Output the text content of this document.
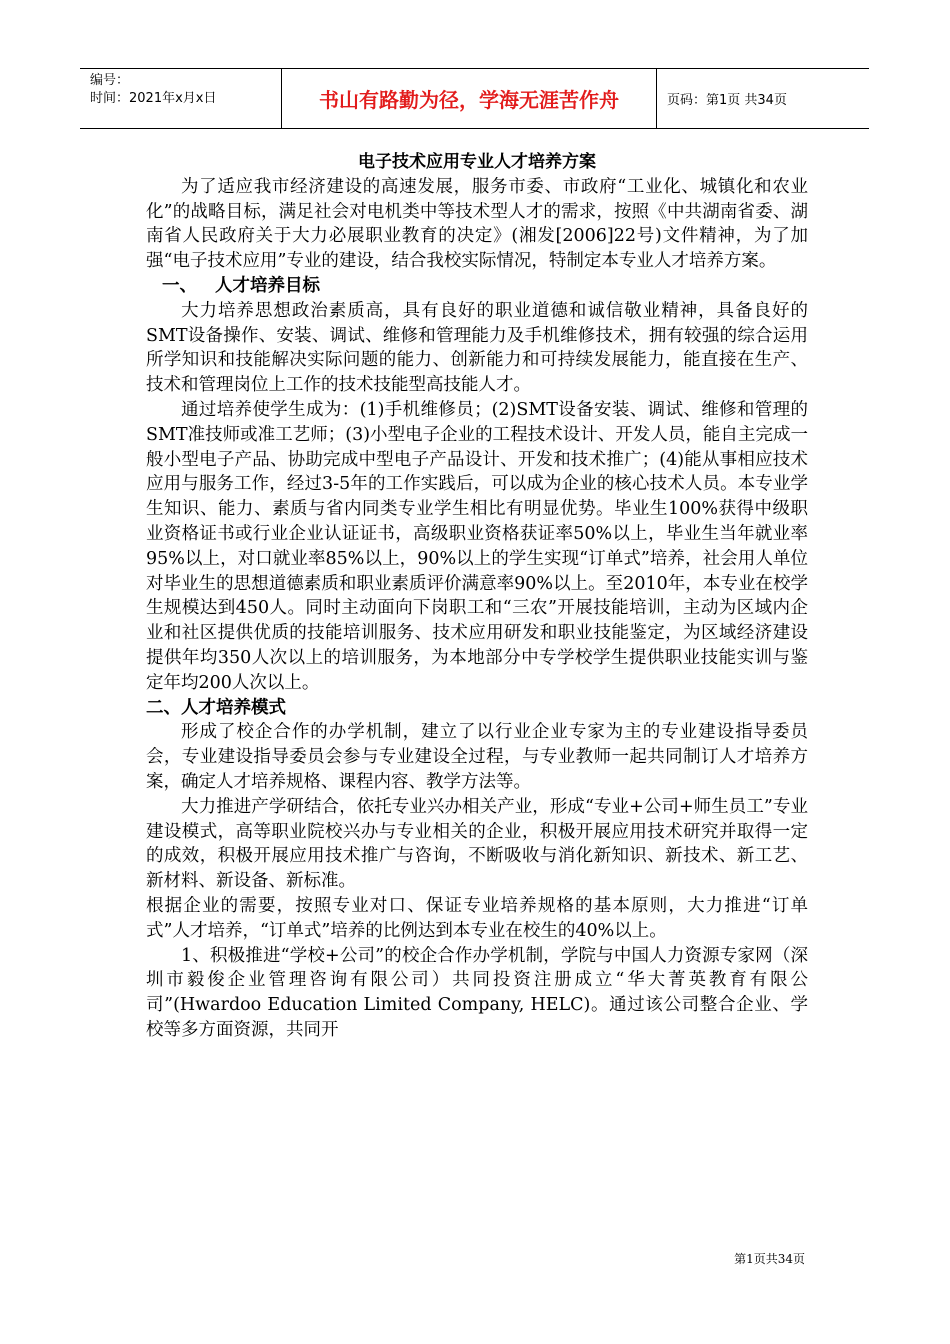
编号：
时间：2021年x月x日	书山有路勤为径，学海无涯苦作舟	页码：第1页 共34页

电子技术应用专业人才培养方案

为了适应我市经济建设的高速发展，服务市委、市政府“工业化、城镇化和农业化”的战略目标，满足社会对电机类中等技术型人才的需求，按照《中共湖南省委、湖南省人民政府关于大力必展职业教育的决定》(湘发[2006]22号)文件精神，为了加强“电子技术应用”专业的建设，结合我校实际情况，特制定本专业人才培养方案。

一、 人才培养目标

大力培养思想政治素质高，具有良好的职业道德和诚信敬业精神，具备良好的SMT设备操作、安装、调试、维修和管理能力及手机维修技术，拥有较强的综合运用所学知识和技能解决实际问题的能力、创新能力和可持续发展能力，能直接在生产、技术和管理岗位上工作的技术技能型高技能人才。

通过培养使学生成为：(1)手机维修员；(2)SMT设备安装、调试、维修和管理的SMT准技师或准工艺师；(3)小型电子企业的工程技术设计、开发人员，能自主完成一般小型电子产品、协助完成中型电子产品设计、开发和技术推广；(4)能从事相应技术应用与服务工作，经过3-5年的工作实践后，可以成为企业的核心技术人员。本专业学生知识、能力、素质与省内同类专业学生相比有明显优势。毕业生100%获得中级职业资格证书或行业企业认证证书，高级职业资格获证率50%以上，毕业生当年就业率95%以上，对口就业率85%以上，90%以上的学生实现“订单式”培养，社会用人单位对毕业生的思想道德素质和职业素质评价满意率90%以上。至2010年，本专业在校学生规模达到450人。同时主动面向下岗职工和“三农”开展技能培训，主动为区域内企业和社区提供优质的技能培训服务、技术应用研发和职业技能鉴定，为区域经济建设提供年均350人次以上的培训服务，为本地部分中专学校学生提供职业技能实训与鉴定年均200人次以上。

二、人才培养模式

形成了校企合作的办学机制，建立了以行业企业专家为主的专业建设指导委员会，专业建设指导委员会参与专业建设全过程，与专业教师一起共同制订人才培养方案，确定人才培养规格、课程内容、教学方法等。

大力推进产学研结合，依托专业兴办相关产业，形成“专业+公司+师生员工”专业建设模式，高等职业院校兴办与专业相关的企业，积极开展应用技术研究并取得一定的成效，积极开展应用技术推广与咨询，不断吸收与消化新知识、新技术、新工艺、新材料、新设备、新标准。

根据企业的需要，按照专业对口、保证专业培养规格的基本原则，大力推进“订单式”人才培养，“订单式”培养的比例达到本专业在校生的40%以上。

1、积极推进“学校+公司”的校企合作办学机制，学院与中国人力资源专家网（深圳市毅俊企业管理咨询有限公司）共同投资注册成立“华大菁英教育有限公司”(Hwardoo Education Limited Company, HELC)。通过该公司整合企业、学校等多方面资源，共同开

第1页共34页
